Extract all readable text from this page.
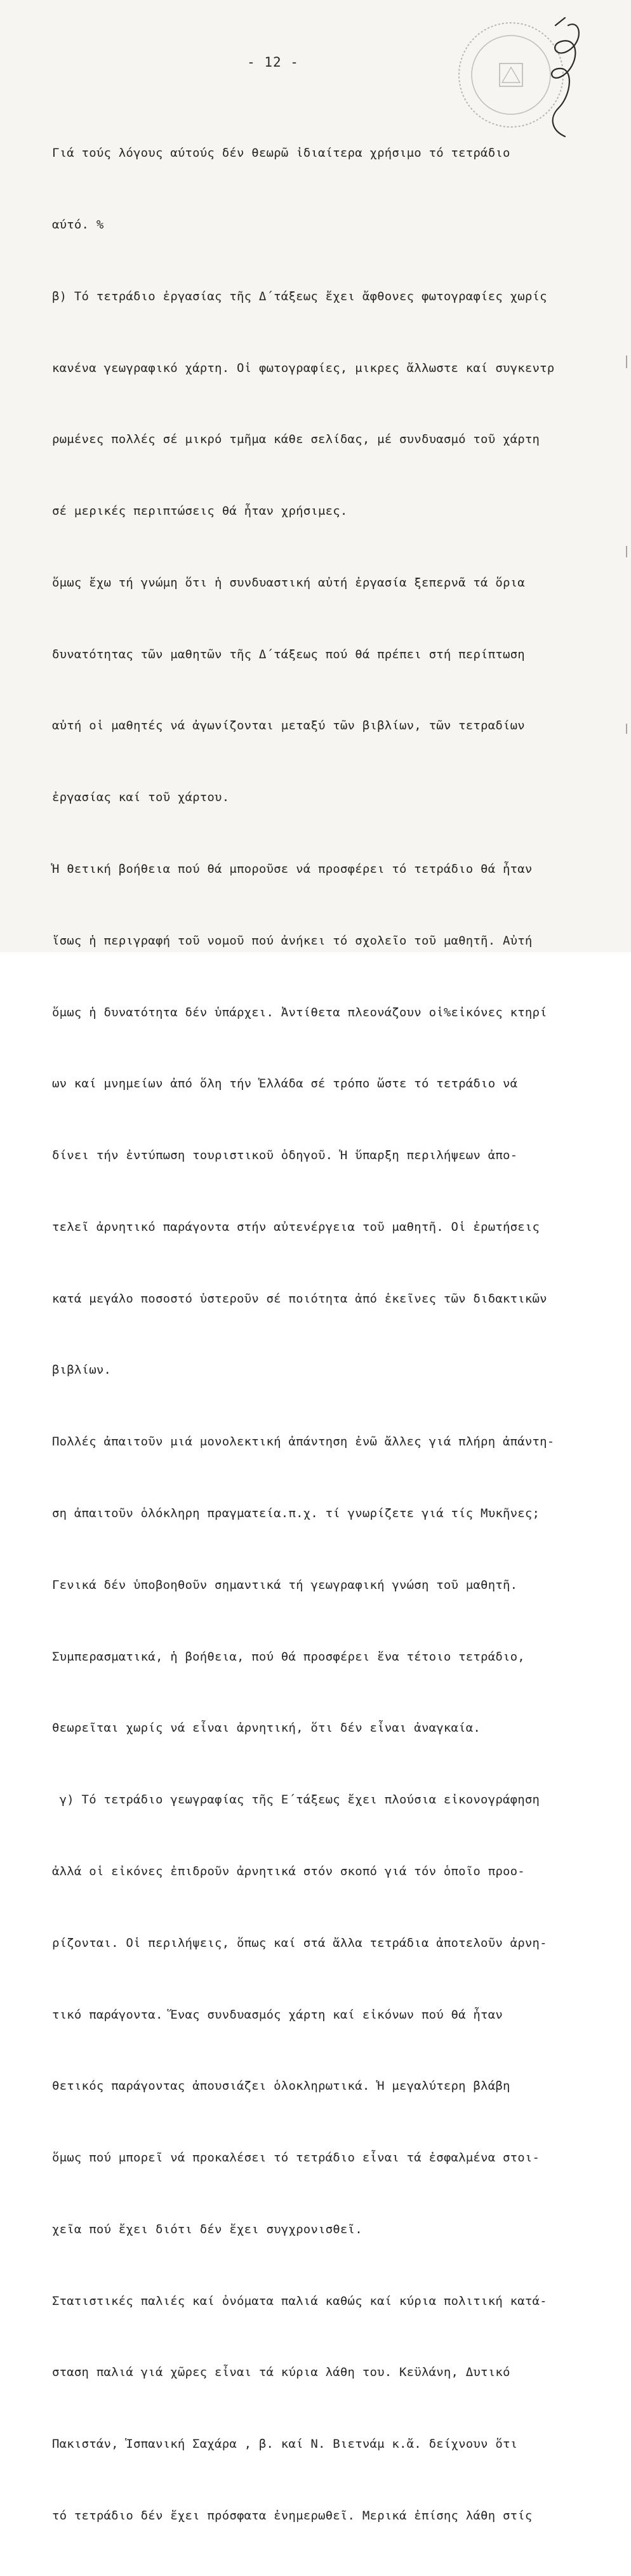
- 12 -

Γιά τούς λόγους αύτούς δέν θεωρῶ ἰδιαίτερα χρήσιμο τό τετράδιο

αύτό. %

β) Τό τετράδιο ἐργασίας τῆς Δ΄τάξεως ἔχει ἄφθονες φωτογραφίες χωρίς

κανένα γεωγραφικό χάρτη. Οἱ φωτογραφίες, μικρες ἄλλωστε καί συγκεντρ

ρωμένες πολλές σέ μικρό τμῆμα κάθε σελίδας, μέ συνδυασμό τοῦ χάρτη

σέ μερικές περιπτώσεις θά ἦταν χρήσιμες.

ὅμως ἔχω τή γνώμη ὅτι ἡ συνδυαστική αὐτή ἐργασία ξεπερνᾶ τά ὅρια

δυνατότητας τῶν μαθητῶν τῆς Δ΄τάξεως πού θά πρέπει στή περίπτωση

αὐτή οἱ μαθητές νά ἀγωνίζονται μεταξύ τῶν βιβλίων, τῶν τετραδίων

ἐργασίας καί τοῦ χάρτου.

Ἡ θετική βοήθεια πού θά μποροῦσε νά προσφέρει τό τετράδιο θά ἦταν

ἴσως ἡ περιγραφή τοῦ νομοῦ πού ἀνήκει τό σχολεῖο τοῦ μαθητῆ. Αὐτή

ὅμως ἡ δυνατότητα δέν ὑπάρχει. Ἀντίθετα πλεονάζουν οἱ%εἰκόνες κτηρί

ων καί μνημείων ἀπό ὅλη τήν Ἑλλάδα σέ τρόπο ὥστε τό τετράδιο νά

δίνει τήν ἐντύπωση τουριστικοῦ ὁδηγοῦ. Ἡ ὕπαρξη περιλήψεων ἀπο-

τελεῖ ἀρνητικό παράγοντα στήν αὐτενέργεια τοῦ μαθητῆ. Οἱ ἐρωτήσεις

κατά μεγάλο ποσοστό ὑστεροῦν σέ ποιότητα ἀπό ἐκεῖνες τῶν διδακτικῶν

βιβλίων.

Πολλές ἀπαιτοῦν μιά μονολεκτική ἀπάντηση ἐνῶ ἄλλες γιά πλήρη ἀπάντη-

ση ἀπαιτοῦν ὁλόκληρη πραγματεία.π.χ. τί γνωρίζετε γιά τίς Μυκῆνες;

Γενικά δέν ὑποβοηθοῦν σημαντικά τή γεωγραφική γνώση τοῦ μαθητῆ.

Συμπερασματικά, ἡ βοήθεια, πού θά προσφέρει ἕνα τέτοιο τετράδιο,

θεωρεῖται χωρίς νά εἶναι ἀρνητική, ὅτι δέν εἶναι ἀναγκαία.

γ) Τό τετράδιο γεωγραφίας τῆς Ε΄τάξεως ἔχει πλούσια εἰκονογράφηση

ἀλλά οἱ εἰκόνες ἐπιδροῦν ἀρνητικά στόν σκοπό γιά τόν ὁποῖο προο-

ρίζονται. Οἱ περιλήψεις, ὅπως καί στά ἄλλα τετράδια ἀποτελοῦν ἀρνη-

τικό παράγοντα. Ἕνας συνδυασμός χάρτη καί εἰκόνων πού θά ἦταν

θετικός παράγοντας ἀπουσιάζει ὁλοκληρωτικά. Ἡ μεγαλύτερη βλάβη

ὅμως πού μπορεῖ νά προκαλέσει τό τετράδιο εἶναι τά ἐσφαλμένα στοι-

χεῖα πού ἔχει διότι δέν ἔχει συγχρονισθεῖ.

Στατιστικές παλιές καί ὀνόματα παλιά καθώς καί κύρια πολιτική κατά-

σταση παλιά γιά χῶρες εἶναι τά κύρια λάθη του. Κεϋλάνη, Δυτικό

Πακιστάν, Ἱσπανική Σαχάρα , β. καί Ν. Βιετνάμ κ.ἄ. δείχνουν ὅτι

τό τετράδιο δέν ἔχει πρόσφατα ἐνημερωθεῖ. Μερικά ἐπίσης λάθη στίς
